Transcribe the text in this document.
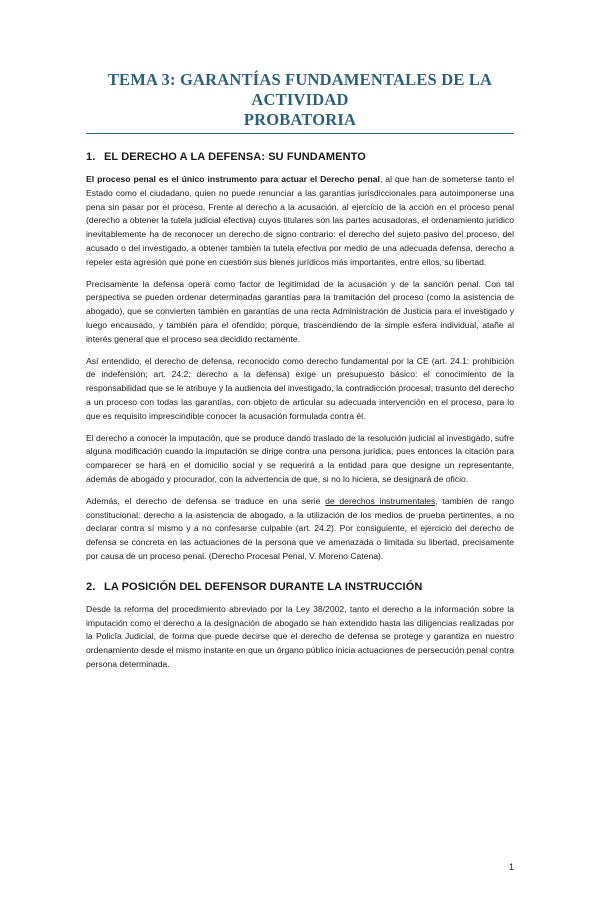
TEMA 3: GARANTÍAS FUNDAMENTALES DE LA ACTIVIDAD
PROBATORIA
1. EL DERECHO A LA DEFENSA: SU FUNDAMENTO

El proceso penal es el único instrumento para actuar el Derecho penal, al que han de someterse tanto el Estado como el ciudadano, quien no puede renunciar a las garantías jurisdiccionales para autoimponerse una pena sin pasar por el proceso. Frente al derecho a la acusación, al ejercicio de la acción en el proceso penal (derecho a obtener la tutela judicial efectiva) cuyos titulares son las partes acusadoras, el ordenamiento jurídico inevitablemente ha de reconocer un derecho de signo contrario: el derecho del sujeto pasivo del proceso, del acusado o del investigado, a obtener también la tutela efectiva por medio de una adecuada defensa, derecho a repeler esta agresión que pone en cuestión sus bienes jurídicos más importantes, entre ellos, su libertad.

Precisamente la defensa opera como factor de legitimidad de la acusación y de la sanción penal. Con tal perspectiva se pueden ordenar determinadas garantías para la tramitación del proceso (como la asistencia de abogado), que se convierten también en garantías de una recta Administración de Justicia para el investigado y luego encausado, y también para el ofendido; porque, trascendiendo de la simple esfera individual, atañe al interés general que el proceso sea decidido rectamente.

Así entendido, el derecho de defensa, reconocido como derecho fundamental por la CE (art. 24.1: prohibición de indefensión; art. 24.2: derecho a la defensa) exige un presupuesto básico: el conocimiento de la responsabilidad que se le atribuye y la audiencia del investigado, la contradicción procesal, trasunto del derecho a un proceso con todas las garantías, con objeto de articular su adecuada intervención en el proceso, para lo que es requisito imprescindible conocer la acusación formulada contra él.

El derecho a conocer la imputación, que se produce dando traslado de la resolución judicial al investigado, sufre alguna modificación cuando la imputación se dirige contra una persona jurídica, pues entonces la citación para comparecer se hará en el domicilio social y se requerirá a la entidad para que designe un representante, además de abogado y procurador, con la advertencia de que, si no lo hiciera, se designará de oficio.

Además, el derecho de defensa se traduce en una serie de derechos instrumentales, también de rango constitucional: derecho a la asistencia de abogado, a la utilización de los medios de prueba pertinentes, a no declarar contra sí mismo y a no confesarse culpable (art. 24.2). Por consiguiente, el ejercicio del derecho de defensa se concreta en las actuaciones de la persona que ve amenazada o limitada su libertad, precisamente por causa de un proceso penal. (Derecho Procesal Penal, V. Moreno Catena).

2. LA POSICIÓN DEL DEFENSOR DURANTE LA INSTRUCCIÓN

Desde la reforma del procedimiento abreviado por la Ley 38/2002, tanto el derecho a la información sobre la imputación como el derecho a la designación de abogado se han extendido hasta las diligencias realizadas por la Policía Judicial, de forma que puede decirse que el derecho de defensa se protege y garantiza en nuestro ordenamiento desde el mismo instante en que un órgano público inicia actuaciones de persecución penal contra persona determinada.

1
